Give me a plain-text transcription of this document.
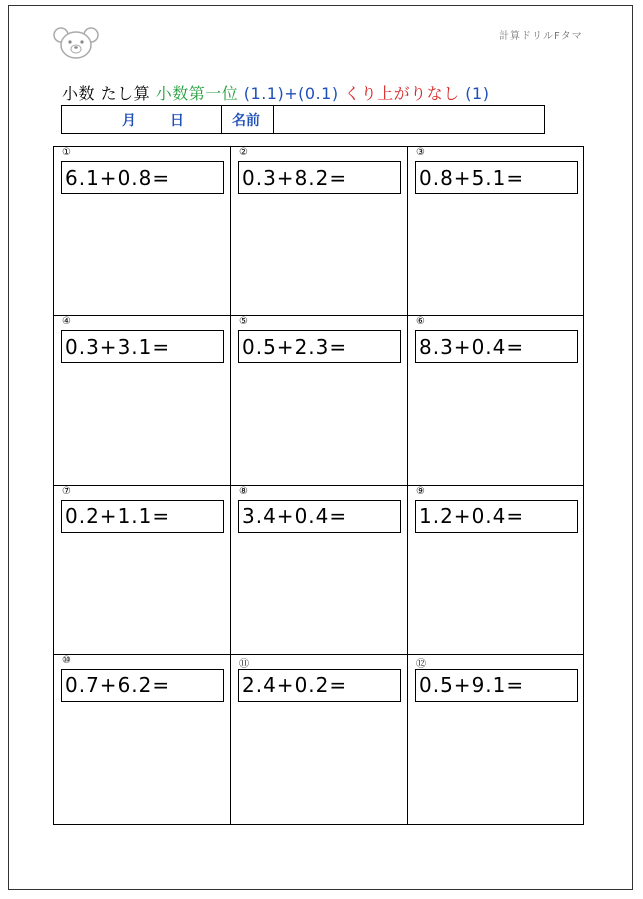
計算ドリルFタマ
小数 たし算 小数第一位 (1.1)+(0.1) くり上がりなし (1)
月 日	名前
①
6.1+0.8=
②
0.3+8.2=
③
0.8+5.1=
④
0.3+3.1=
⑤
0.5+2.3=
⑥
8.3+0.4=
⑦
0.2+1.1=
⑧
3.4+0.4=
⑨
1.2+0.4=
⑩
0.7+6.2=
⑪
2.4+0.2=
⑫
0.5+9.1=
